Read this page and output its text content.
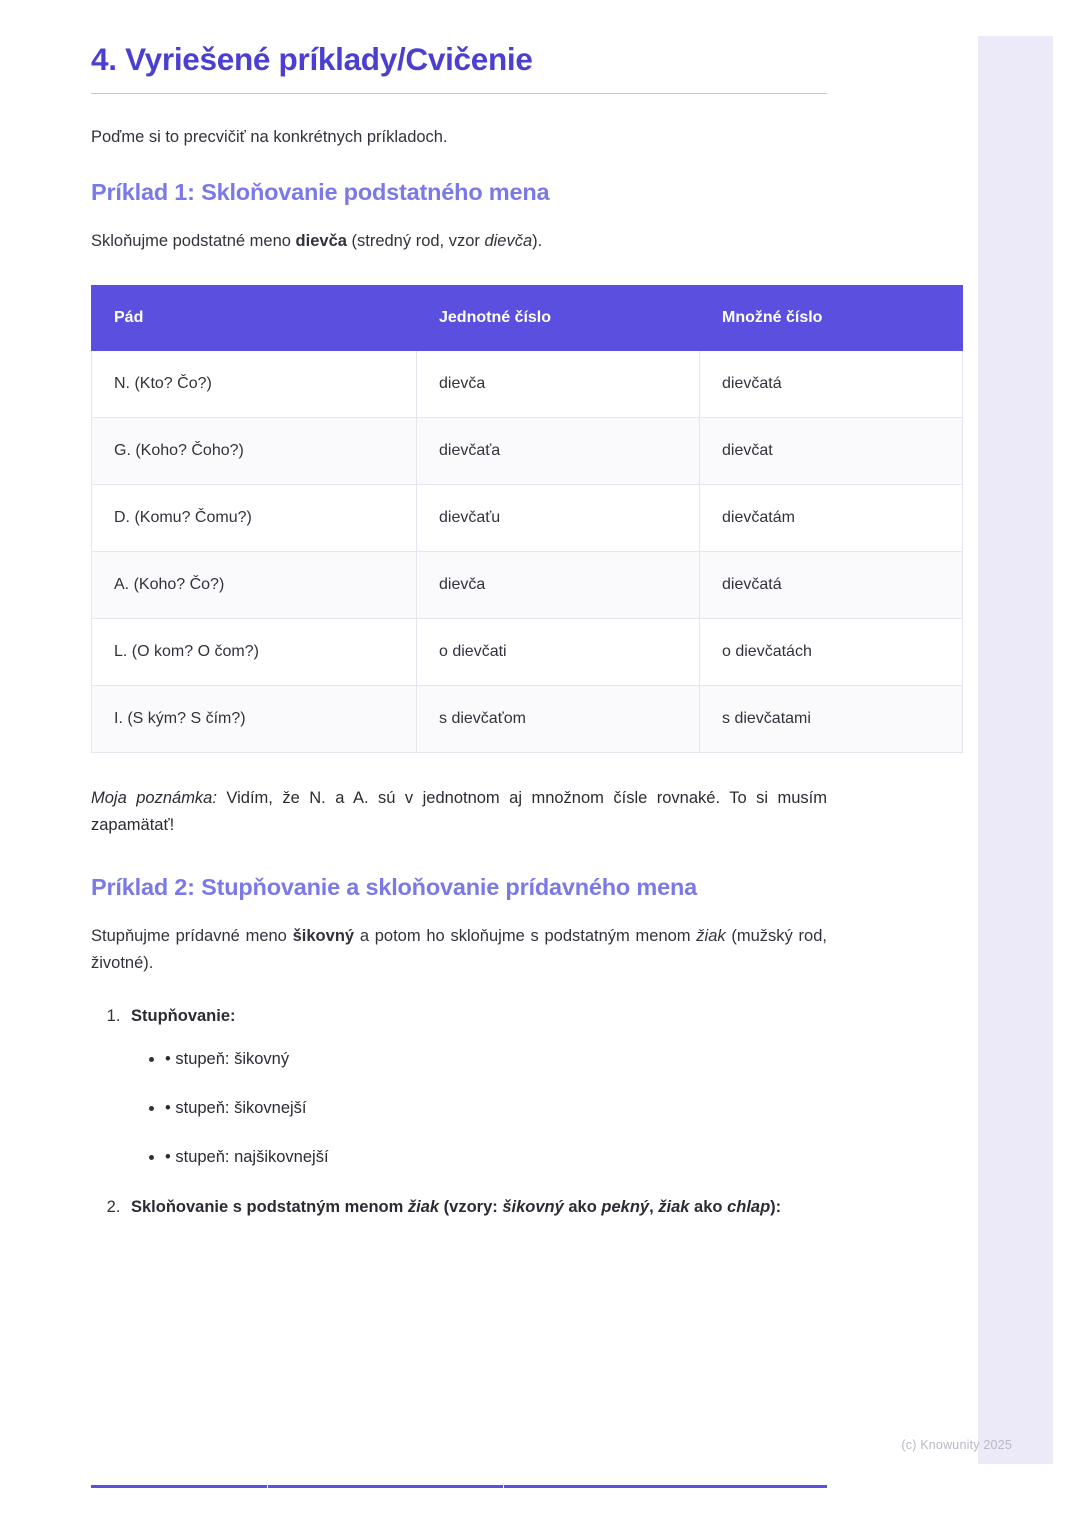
4. Vyriešené príklady/Cvičenie

Poďme si to precvičiť na konkrétnych príkladoch.

Príklad 1: Skloňovanie podstatného mena

Skloňujme podstatné meno dievča (stredný rod, vzor dievča).

Pád	Jednotné číslo	Množné číslo
N. (Kto? Čo?)	dievča	dievčatá
G. (Koho? Čoho?)	dievčaťa	dievčat
D. (Komu? Čomu?)	dievčaťu	dievčatám
A. (Koho? Čo?)	dievča	dievčatá
L. (O kom? O čom?)	o dievčati	o dievčatách
I. (S kým? S čím?)	s dievčaťom	s dievčatami

Moja poznámka: Vidím, že N. a A. sú v jednotnom aj množnom čísle rovnaké. To si musím zapamätať!

Príklad 2: Stupňovanie a skloňovanie prídavného mena

Stupňujme prídavné meno šikovný a potom ho skloňujme s podstatným menom žiak (mužský rod, životné).

1. Stupňovanie:
• • stupeň: šikovný
• • stupeň: šikovnejší
• • stupeň: najšikovnejší
2. Skloňovanie s podstatným menom žiak (vzory: šikovný ako pekný, žiak ako chlap):
(c) Knowunity 2025
